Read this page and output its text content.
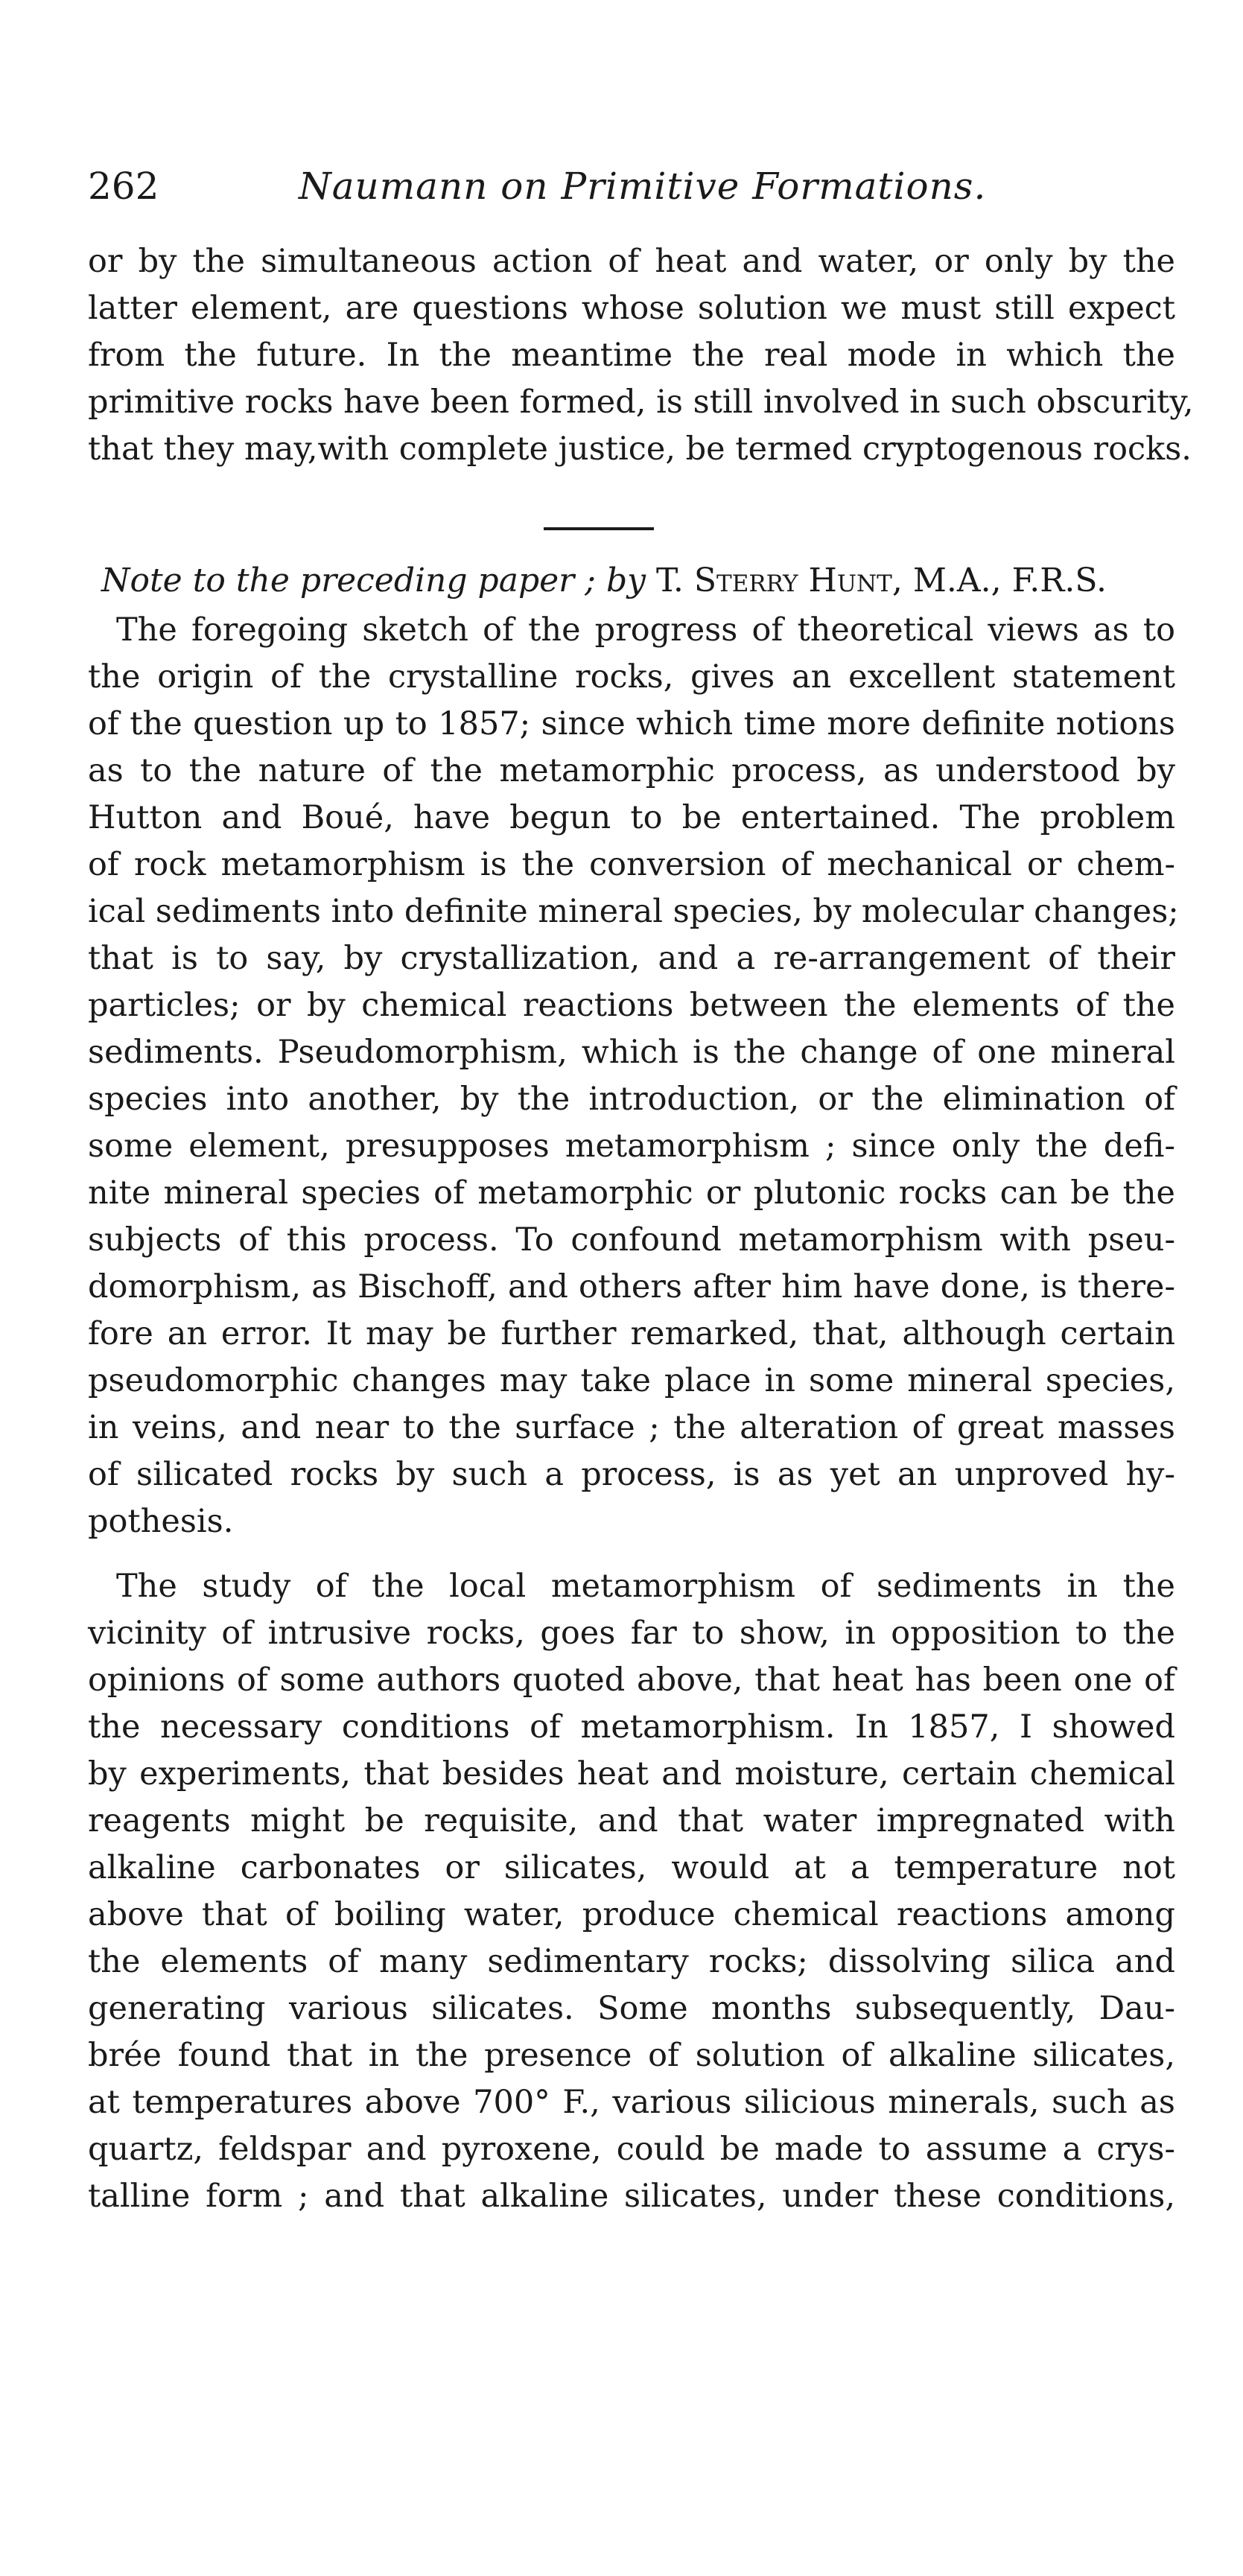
262	Naumann on Primitive Formations.
or by the simultaneous action of heat and water, or only by the
latter element, are questions whose solution we must still expect
from the future. In the meantime the real mode in which the
primitive rocks have been formed, is still involved in such obscurity,
that they may,with complete justice, be termed cryptogenous rocks.
Note to the preceding paper ; by T. Sterry Hunt, M.A., F.R.S.
The foregoing sketch of the progress of theoretical views as to
the origin of the crystalline rocks, gives an excellent statement
of the question up to 1857; since which time more definite notions
as to the nature of the metamorphic process, as understood by
Hutton and Boué, have begun to be entertained. The problem
of rock metamorphism is the conversion of mechanical or chem-
ical sediments into definite mineral species, by molecular changes;
that is to say, by crystallization, and a re-arrangement of their
particles; or by chemical reactions between the elements of the
sediments. Pseudomorphism, which is the change of one mineral
species into another, by the introduction, or the elimination of
some element, presupposes metamorphism ; since only the defi-
nite mineral species of metamorphic or plutonic rocks can be the
subjects of this process. To confound metamorphism with pseu-
domorphism, as Bischoff, and others after him have done, is there-
fore an error. It may be further remarked, that, although certain
pseudomorphic changes may take place in some mineral species,
in veins, and near to the surface ; the alteration of great masses
of silicated rocks by such a process, is as yet an unproved hy-
pothesis.
The study of the local metamorphism of sediments in the
vicinity of intrusive rocks, goes far to show, in opposition to the
opinions of some authors quoted above, that heat has been one of
the necessary conditions of metamorphism. In 1857, I showed
by experiments, that besides heat and moisture, certain chemical
reagents might be requisite, and that water impregnated with
alkaline carbonates or silicates, would at a temperature not
above that of boiling water, produce chemical reactions among
the elements of many sedimentary rocks; dissolving silica and
generating various silicates. Some months subsequently, Dau-
brée found that in the presence of solution of alkaline silicates,
at temperatures above 700° F., various silicious minerals, such as
quartz, feldspar and pyroxene, could be made to assume a crys-
talline form ; and that alkaline silicates, under these conditions,
